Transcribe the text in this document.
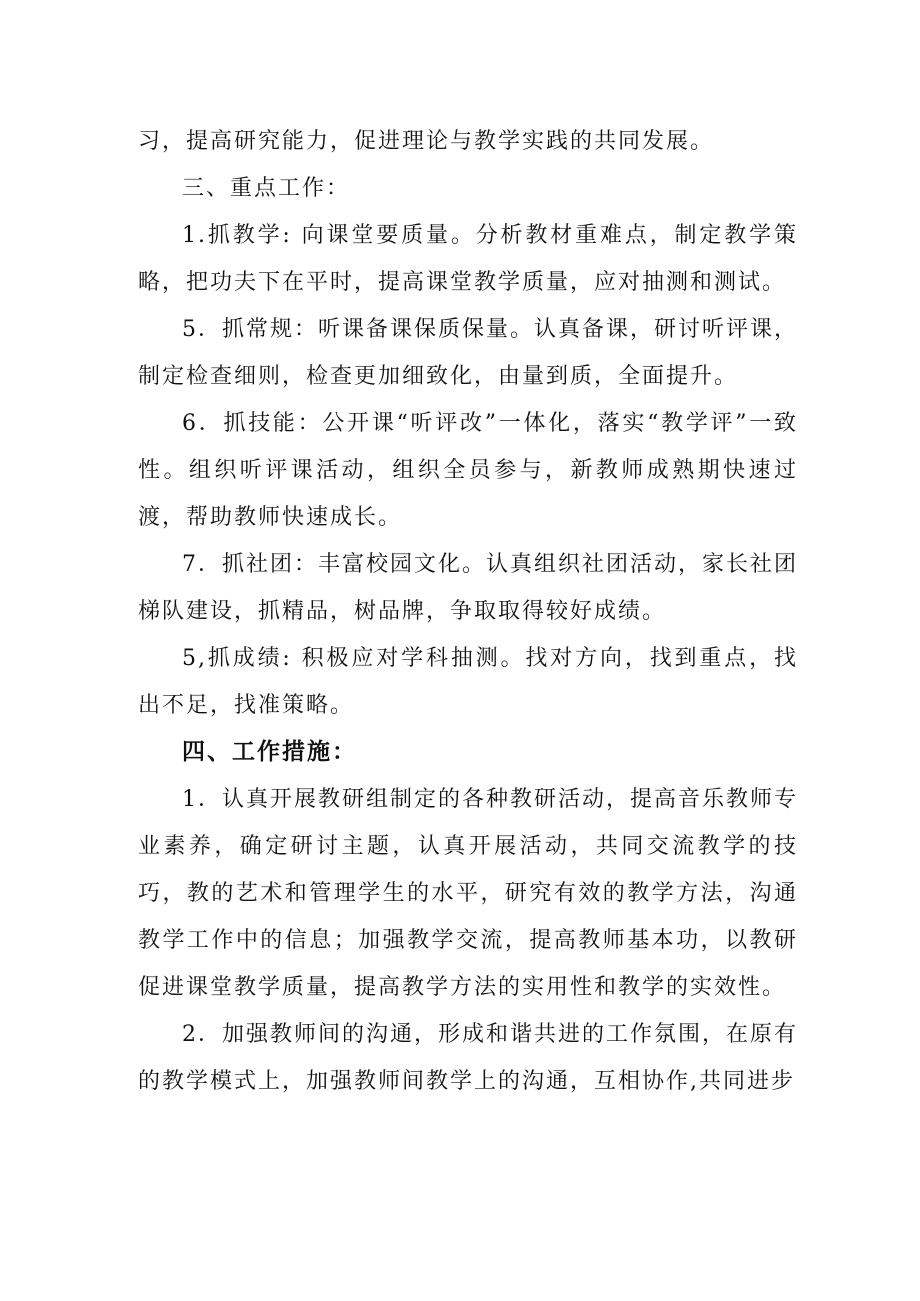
习，提高研究能力，促进理论与教学实践的共同发展。

三、重点工作：

1.抓教学: 向课堂要质量。分析教材重难点，制定教学策略，把功夫下在平时，提高课堂教学质量，应对抽测和测试。

5．抓常规：听课备课保质保量。认真备课，研讨听评课，制定检查细则，检查更加细致化，由量到质，全面提升。

6．抓技能：公开课“听评改”一体化，落实“教学评”一致性。组织听评课活动，组织全员参与，新教师成熟期快速过渡，帮助教师快速成长。

7．抓社团：丰富校园文化。认真组织社团活动，家长社团梯队建设，抓精品，树品牌，争取取得较好成绩。

5,抓成绩: 积极应对学科抽测。找对方向，找到重点，找出不足，找准策略。

四、工作措施：

1．认真开展教研组制定的各种教研活动，提高音乐教师专业素养，确定研讨主题，认真开展活动，共同交流教学的技巧，教的艺术和管理学生的水平，研究有效的教学方法，沟通教学工作中的信息；加强教学交流，提高教师基本功，以教研促进课堂教学质量，提高教学方法的实用性和教学的实效性。

2．加强教师间的沟通，形成和谐共进的工作氛围，在原有的教学模式上，加强教师间教学上的沟通，互相协作,共同进步
